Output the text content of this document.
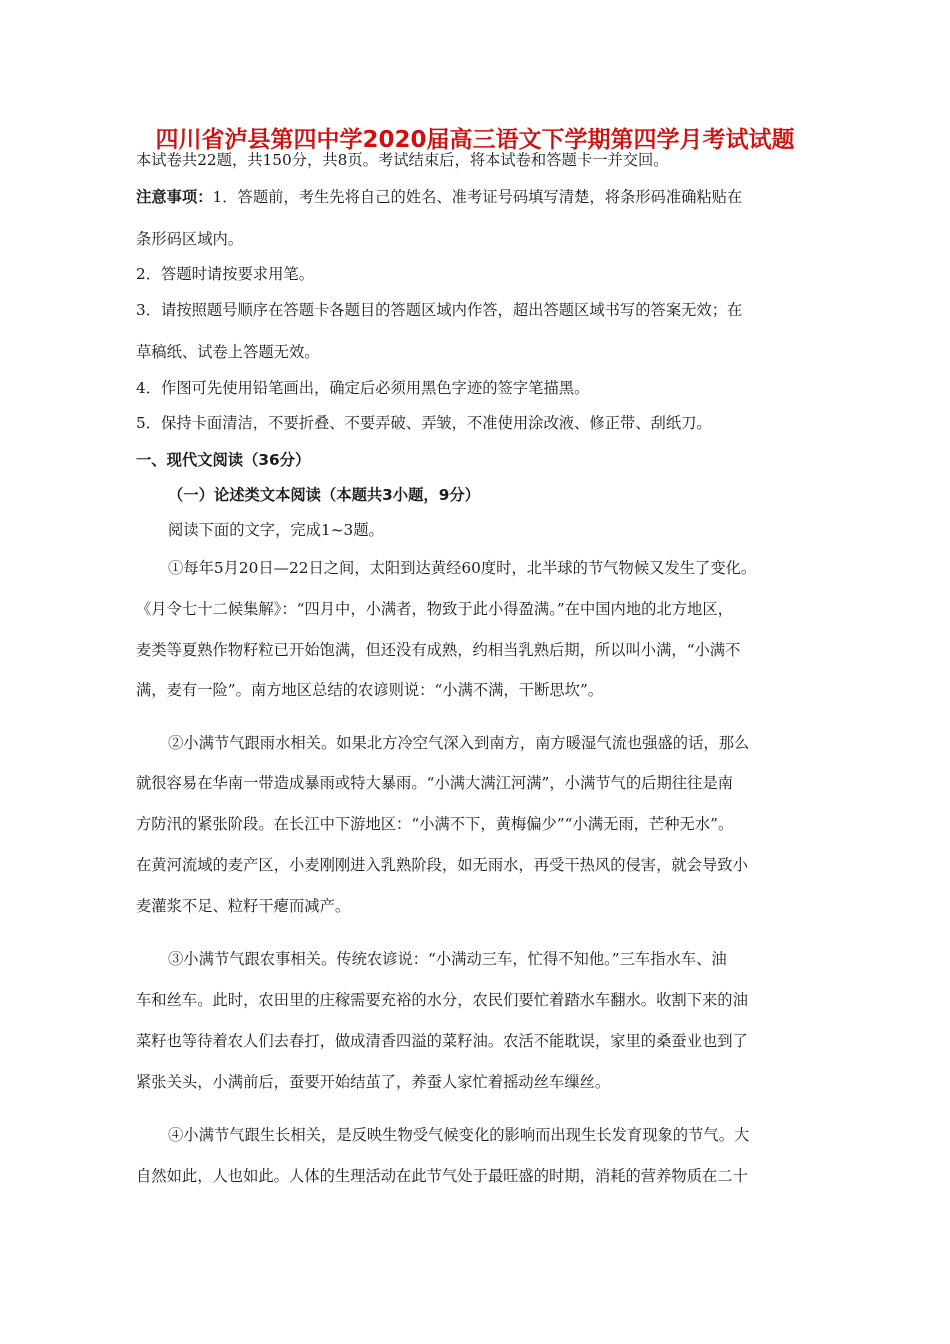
四川省泸县第四中学2020届高三语文下学期第四学月考试试题
本试卷共22题，共150分，共8页。考试结束后，将本试卷和答题卡一并交回。
注意事项：1．答题前，考生先将自己的姓名、准考证号码填写清楚，将条形码准确粘贴在
条形码区域内。
2．答题时请按要求用笔。
3．请按照题号顺序在答题卡各题目的答题区域内作答，超出答题区域书写的答案无效；在
草稿纸、试卷上答题无效。
4．作图可先使用铅笔画出，确定后必须用黑色字迹的签字笔描黑。
5．保持卡面清洁，不要折叠、不要弄破、弄皱，不准使用涂改液、修正带、刮纸刀。
一、现代文阅读（36分）
（一）论述类文本阅读（本题共3小题，9分）
阅读下面的文字，完成1~3题。
①每年5月20日—22日之间，太阳到达黄经60度时，北半球的节气物候又发生了变化。
《月令七十二候集解》：“四月中，小满者，物致于此小得盈满。”在中国内地的北方地区，
麦类等夏熟作物籽粒已开始饱满，但还没有成熟，约相当乳熟后期，所以叫小满，“小满不
满，麦有一险”。南方地区总结的农谚则说：“小满不满，干断思坎”。
②小满节气跟雨水相关。如果北方冷空气深入到南方，南方暖湿气流也强盛的话，那么
就很容易在华南一带造成暴雨或特大暴雨。“小满大满江河满”，小满节气的后期往往是南
方防汛的紧张阶段。在长江中下游地区：“小满不下，黄梅偏少”“小满无雨，芒种无水”。
在黄河流域的麦产区，小麦刚刚进入乳熟阶段，如无雨水，再受干热风的侵害，就会导致小
麦灌浆不足、粒籽干瘪而减产。
③小满节气跟农事相关。传统农谚说：“小满动三车，忙得不知他。”三车指水车、油
车和丝车。此时，农田里的庄稼需要充裕的水分，农民们要忙着踏水车翻水。收割下来的油
菜籽也等待着农人们去春打，做成清香四溢的菜籽油。农活不能耽误，家里的桑蚕业也到了
紧张关头，小满前后，蚕要开始结茧了，养蚕人家忙着摇动丝车缫丝。
④小满节气跟生长相关，是反映生物受气候变化的影响而出现生长发育现象的节气。大
自然如此，人也如此。人体的生理活动在此节气处于最旺盛的时期，消耗的营养物质在二十
